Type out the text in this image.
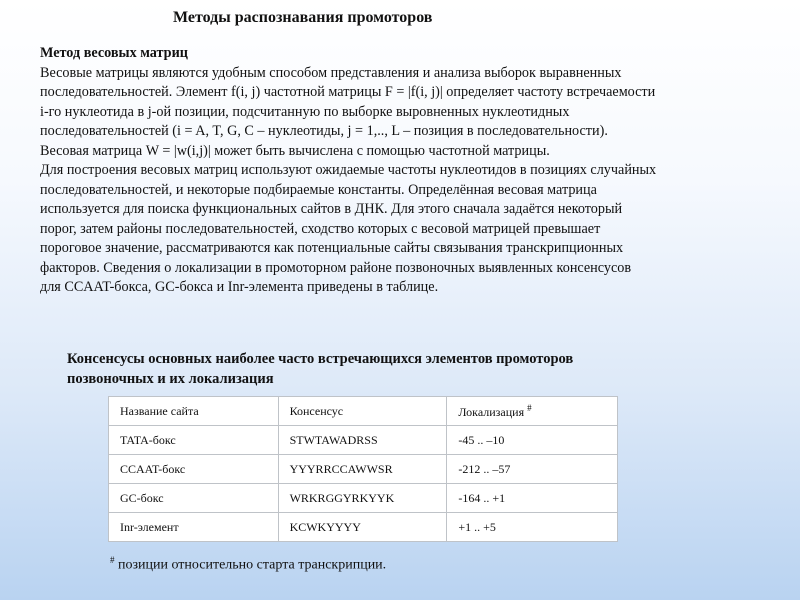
Методы распознавания промоторов
Метод весовых матриц
Весовые матрицы являются удобным способом представления и анализа выборок выравненных
последовательностей. Элемент f(i, j) частотной матрицы F = |f(i, j)| определяет частоту встречаемости
i-го нуклеотида в j-ой позиции, подсчитанную по выборке выровненных нуклеотидных
последовательностей (i = A, T, G, C – нуклеотиды, j = 1,.., L – позиция в последовательности).
Весовая матрица W = |w(i,j)| может быть вычислена с помощью частотной матрицы.
Для построения весовых матриц используют ожидаемые частоты нуклеотидов в позициях случайных
последовательностей, и некоторые подбираемые константы. Определённая весовая матрица
используется для поиска функциональных сайтов в ДНК. Для этого сначала задаётся некоторый
порог, затем районы последовательностей, сходство которых с весовой матрицей превышает
пороговое значение, рассматриваются как потенциальные сайты связывания транскрипционных
факторов. Сведения о локализации в промоторном районе позвоночных выявленных консенсусов
для CCAAT-бокса, GC-бокса и Inr-элемента приведены в таблице.
Консенсусы основных наиболее часто встречающихся элементов промоторов
позвоночных и их локализация
Название сайта	Консенсус	Локализация #
TATA-бокс	STWTAWADRSS	-45 .. –10
CCAAT-бокс	YYYRRCCAWWSR	-212 .. –57
GC-бокс	WRKRGGYRKYYK	-164 .. +1
Inr-элемент	KCWKYYYY	+1 .. +5
# позиции относительно старта транскрипции.
